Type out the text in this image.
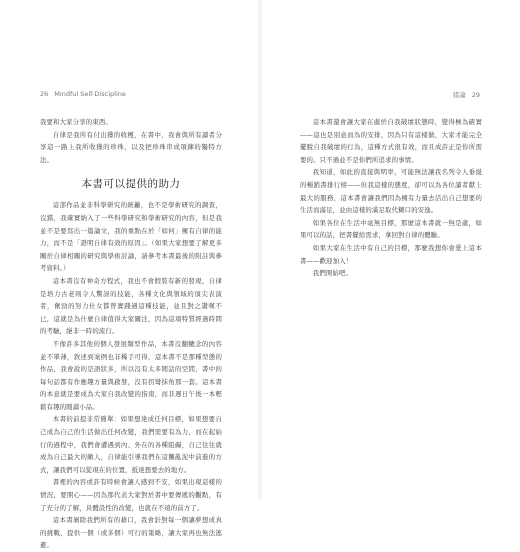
26 Mindful Self-Discipline

我要和大家分享的東西。

自律是我所有付出獲的收穫，在書中，我會與所有讀者分享這一路上我所收獲的珍珠，以及把珍珠串成項鍊的獨特方法。

本書可以提供的助力

這部作品並非科學研究的統籲，也不是學術研究的調查，沒錯，我確實納入了一些科學研究和學術研究的內容，但是我並不是要寫出一篇論文，我的重點在於「如何」擁有自律的能力，而不是「證明自律有效的原因」。（如果大家想要了解更多關於自律相關的研究與學術討論，請參考本書最後的附註與參考資料。）

這本書沒有神奇方程式，我也不會假裝有新的發現，自律是培力古老則令人驚訝的技能，各種文化與領域的頂尖表演者，奮勁的努力仕女都曾實踐過這種技能，並且對之讚嘆不已，這就是為什麼自律值得大家關注，因為這項特質經過時間的考驗，絕非一時的流行。

不像許多其他的個人發展類型作品，本書沒翻轆念的內容並不單薄，敘述到案例也非稀手可得，這本書不是那種型態的作品，我會說的是語狀多，所以沒有太多閒話的空間，書中的每句話都有作應趣方量與啟發，沒有拐彎抹角那一套。這本書的本意就是要成為大家自我改變的指南，而非週日午後一本輕鬆有趣的閱讀小品。

本書的前提非常簡單：如果想達成任何目標，如果想要自己成為自己的生活做出任何改變，我們需要有為力，而在起始行的過程中，我們會遭遇到內、外在的各種阻礙，自己往往就成為自己最大的敵人，自律能引導我們在這攤亂泥中前進的方式，讓我們可以從現在的位置，抵達想要去的地方。

書裡的內容或許有時候會讓人感到不安，如果出現這樣的情況，要開心——因為那代表大家對於書中要傳遞的觀點，有了充分的了解，具體設性的改變，也就在不遠的前方了。

這本書剝除我們所有的藉口，我會針對每一個讓夢想成真的挑戰，提供一個（或多個）可行的策略，讓大家再也無法逃避。

緒論 29

這本書還會讓大家在處於自我破壞狀態時，變得極為確實——這也是別意而為的安排，因為只有這樣做，大家才能完全擺脫自我破壞的行為，這種方式很有效，而且成許正是你所需要的。只不過並不是你們所追求的事情。

我知道，如此的直接與明率，可能無法讓我名列令人垂涎的暢銷書排行榜——但我這樣的態度，卻可以為各位讀者獻上最大的服務，這本書會讓我們因為擁有力量去活出自己想要的生活而滿足，並由這樣的滿足取代糊口的安逸。

如果各位在生活中毫無目標，那麼這本書就一無是處，如果可以的話，把書擺給需求，拿回對自律的體驗。

如果大家在生活中有自己的目標，那麼我想你會愛上這本書——歡迎加入！

我們開始吧。
